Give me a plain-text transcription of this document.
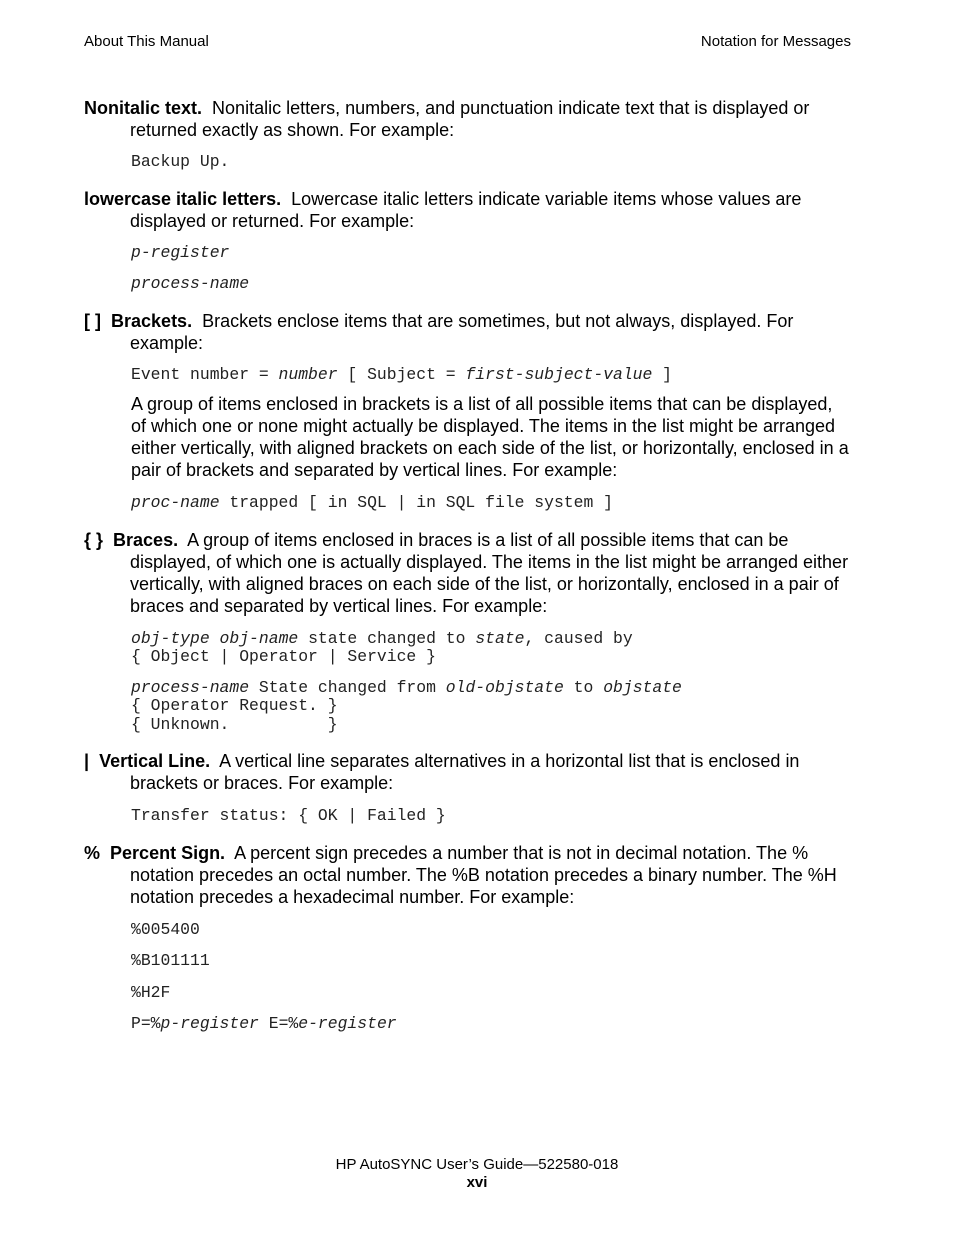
About This Manual	Notation for Messages
Nonitalic text. Nonitalic letters, numbers, and punctuation indicate text that is displayed or returned exactly as shown. For example:
Backup Up.
lowercase italic letters. Lowercase italic letters indicate variable items whose values are displayed or returned. For example:
p-register
process-name
[ ] Brackets. Brackets enclose items that are sometimes, but not always, displayed. For example:
Event number = number [ Subject = first-subject-value ]
A group of items enclosed in brackets is a list of all possible items that can be displayed, of which one or none might actually be displayed. The items in the list might be arranged either vertically, with aligned brackets on each side of the list, or horizontally, enclosed in a pair of brackets and separated by vertical lines. For example:
proc-name trapped [ in SQL | in SQL file system ]
{ } Braces. A group of items enclosed in braces is a list of all possible items that can be displayed, of which one is actually displayed. The items in the list might be arranged either vertically, with aligned braces on each side of the list, or horizontally, enclosed in a pair of braces and separated by vertical lines. For example:
obj-type obj-name state changed to state, caused by
{ Object | Operator | Service }
process-name State changed from old-objstate to objstate
{ Operator Request. }
{ Unknown.          }
| Vertical Line. A vertical line separates alternatives in a horizontal list that is enclosed in brackets or braces. For example:
Transfer status: { OK | Failed }
% Percent Sign. A percent sign precedes a number that is not in decimal notation. The % notation precedes an octal number. The %B notation precedes a binary number. The %H notation precedes a hexadecimal number. For example:
%005400
%B101111
%H2F
P=%p-register E=%e-register
HP AutoSYNC User’s Guide—522580-018
xvi
